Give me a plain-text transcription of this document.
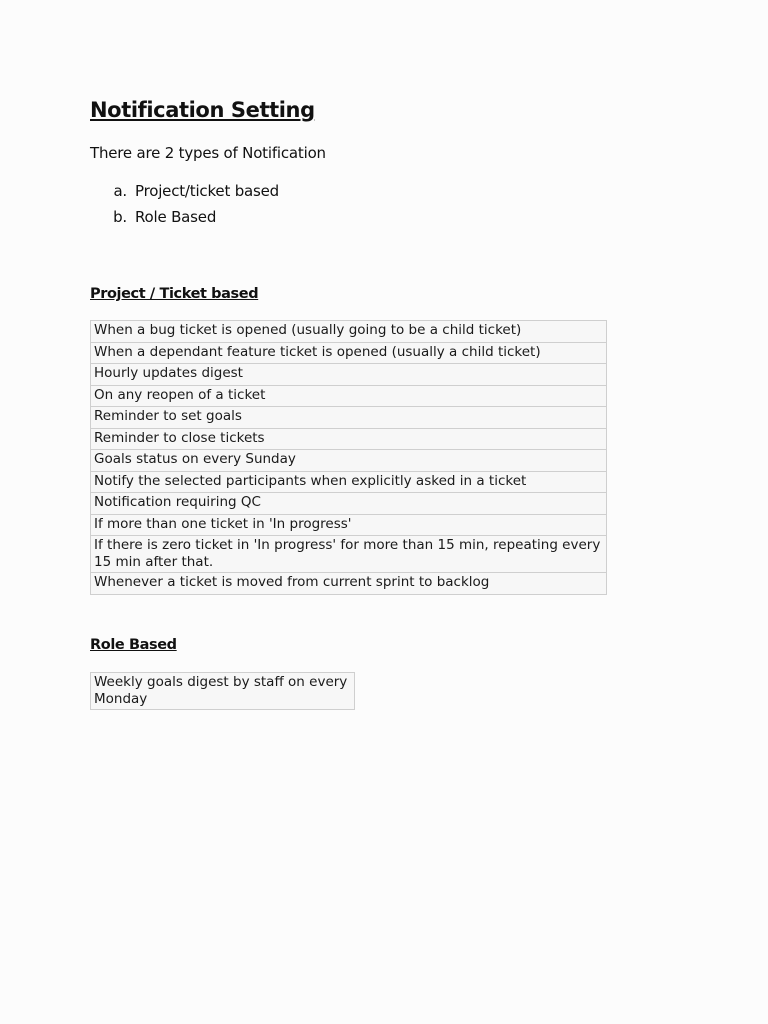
Notification Setting

There are 2 types of Notification

a. Project/ticket based
b. Role Based
Project / Ticket based
When a bug ticket is opened (usually going to be a child ticket)
When a dependant feature ticket is opened (usually a child ticket)
Hourly updates digest
On any reopen of a ticket
Reminder to set goals
Reminder to close tickets
Goals status on every Sunday
Notify the selected participants when explicitly asked in a ticket
Notification requiring QC
If more than one ticket in 'In progress'
If there is zero ticket in 'In progress' for more than 15 min, repeating every 15 min after that.
Whenever a ticket is moved from current sprint to backlog
Role Based
Weekly goals digest by staff on every Monday
